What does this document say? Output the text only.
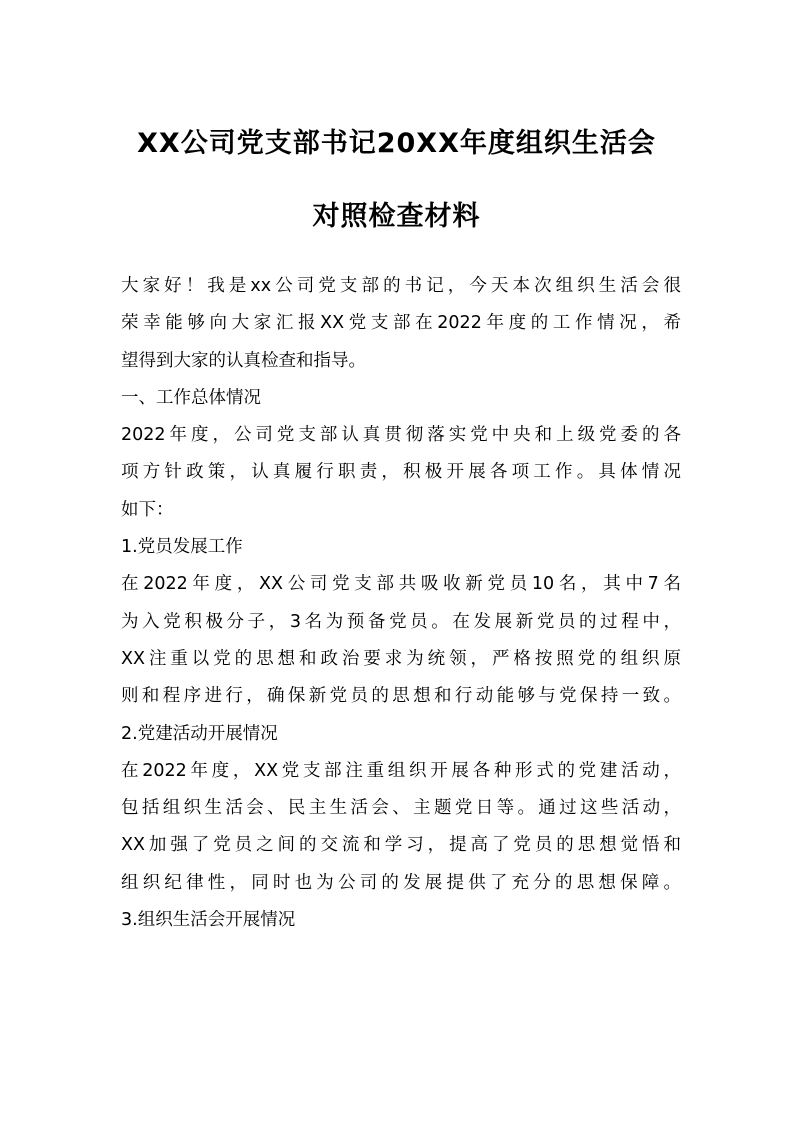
XX公司党支部书记20XX年度组织生活会
对照检查材料
大家好！我是xx公司党支部的书记，今天本次组织生活会很
荣幸能够向大家汇报XX党支部在2022年度的工作情况，希
望得到大家的认真检查和指导。
一、工作总体情况
2022年度，公司党支部认真贯彻落实党中央和上级党委的各
项方针政策，认真履行职责，积极开展各项工作。具体情况
如下：
1.党员发展工作
在2022年度，XX公司党支部共吸收新党员10名，其中7名
为入党积极分子，3名为预备党员。在发展新党员的过程中，
XX注重以党的思想和政治要求为统领，严格按照党的组织原
则和程序进行，确保新党员的思想和行动能够与党保持一致。
2.党建活动开展情况
在2022年度，XX党支部注重组织开展各种形式的党建活动，
包括组织生活会、民主生活会、主题党日等。通过这些活动，
XX加强了党员之间的交流和学习，提高了党员的思想觉悟和
组织纪律性，同时也为公司的发展提供了充分的思想保障。
3.组织生活会开展情况
